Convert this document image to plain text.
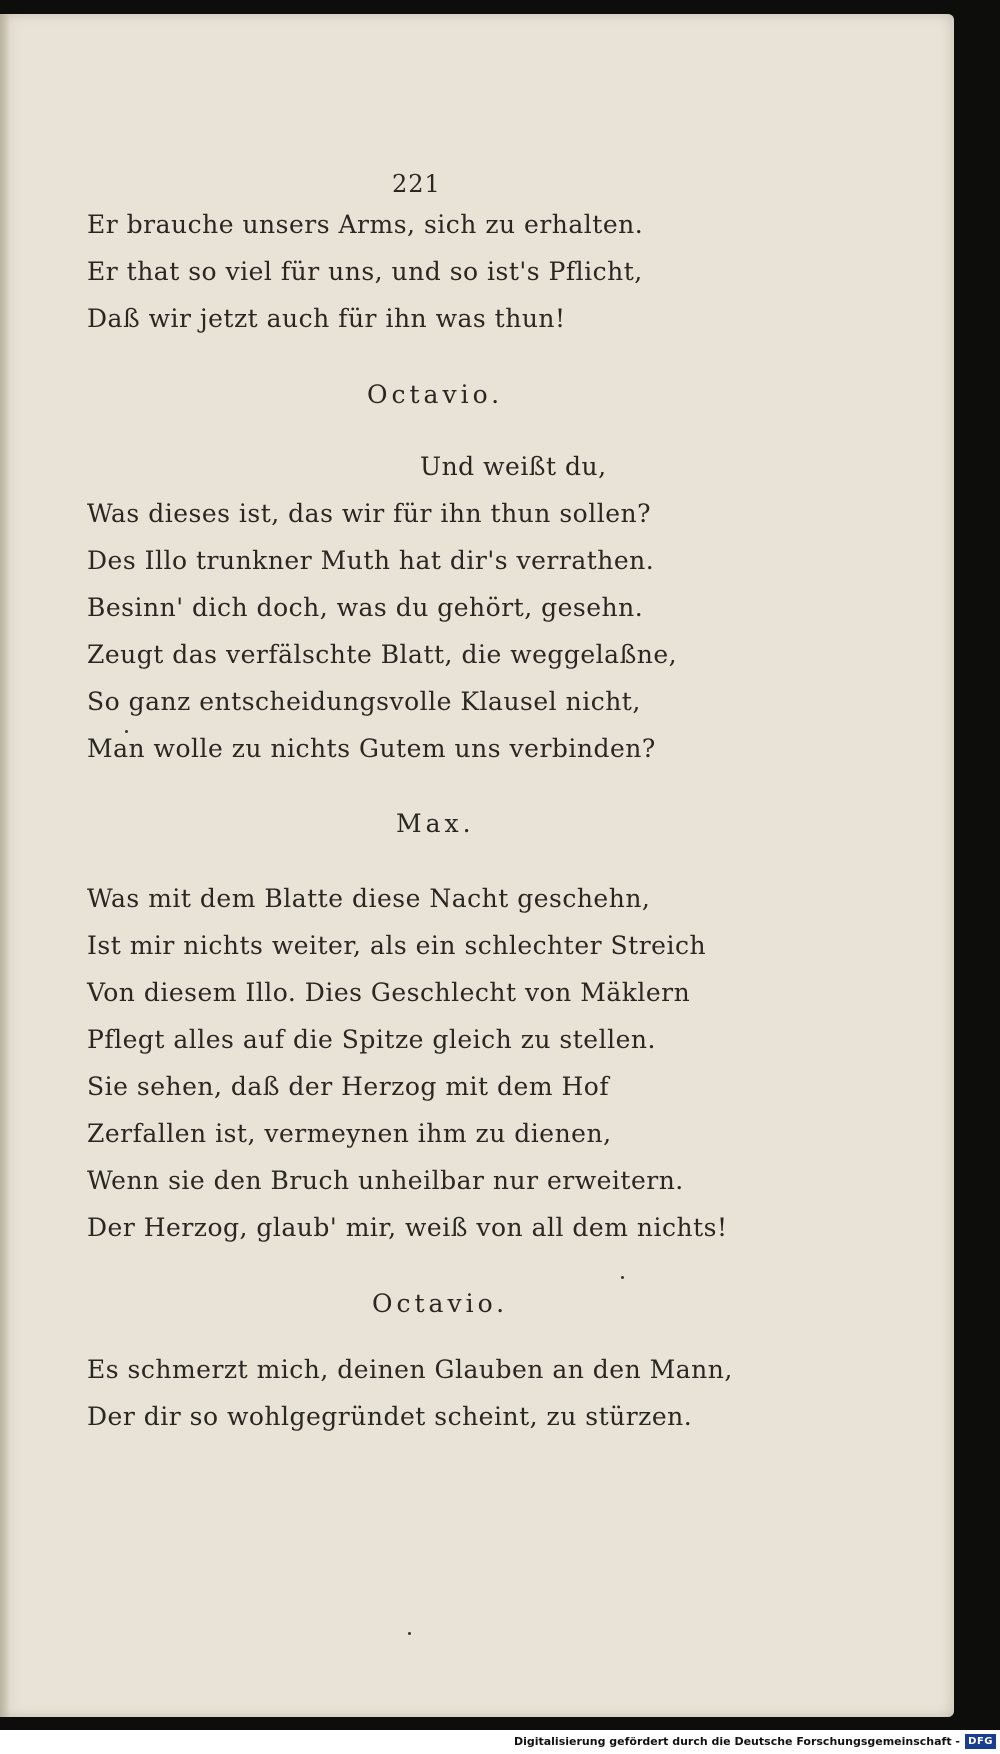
221

Er brauche unsers Arms, sich zu erhalten.

Er that so viel für uns, und so ist's Pflicht,

Daß wir jetzt auch für ihn was thun!

Octavio.

Und weißt du,

Was dieses ist, das wir für ihn thun sollen?

Des Illo trunkner Muth hat dir's verrathen.

Besinn' dich doch, was du gehört, gesehn.

Zeugt das verfälschte Blatt, die weggelaßne,

So ganz entscheidungsvolle Klausel nicht,

Man wolle zu nichts Gutem uns verbinden?

Max.

Was mit dem Blatte diese Nacht geschehn,

Ist mir nichts weiter, als ein schlechter Streich

Von diesem Illo. Dies Geschlecht von Mäklern

Pflegt alles auf die Spitze gleich zu stellen.

Sie sehen, daß der Herzog mit dem Hof

Zerfallen ist, vermeynen ihm zu dienen,

Wenn sie den Bruch unheilbar nur erweitern.

Der Herzog, glaub' mir, weiß von all dem nichts!

Octavio.

Es schmerzt mich, deinen Glauben an den Mann,

Der dir so wohlgegründet scheint, zu stürzen.

Digitalisierung gefördert durch die Deutsche Forschungsgemeinschaft - DFG
